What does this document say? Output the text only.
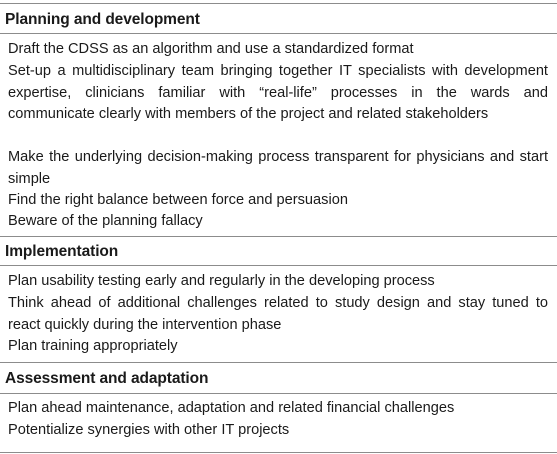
Planning and development
Draft the CDSS as an algorithm and use a standardized format
Set-up a multidisciplinary team bringing together IT specialists with development expertise, clinicians familiar with “real-life” processes in the wards and communicate clearly with members of the project and related stakeholders
Make the underlying decision-making process transparent for physicians and start simple
Find the right balance between force and persuasion
Beware of the planning fallacy
Implementation
Plan usability testing early and regularly in the developing process
Think ahead of additional challenges related to study design and stay tuned to react quickly during the intervention phase
Plan training appropriately
Assessment and adaptation
Plan ahead maintenance, adaptation and related financial challenges
Potentialize synergies with other IT projects
